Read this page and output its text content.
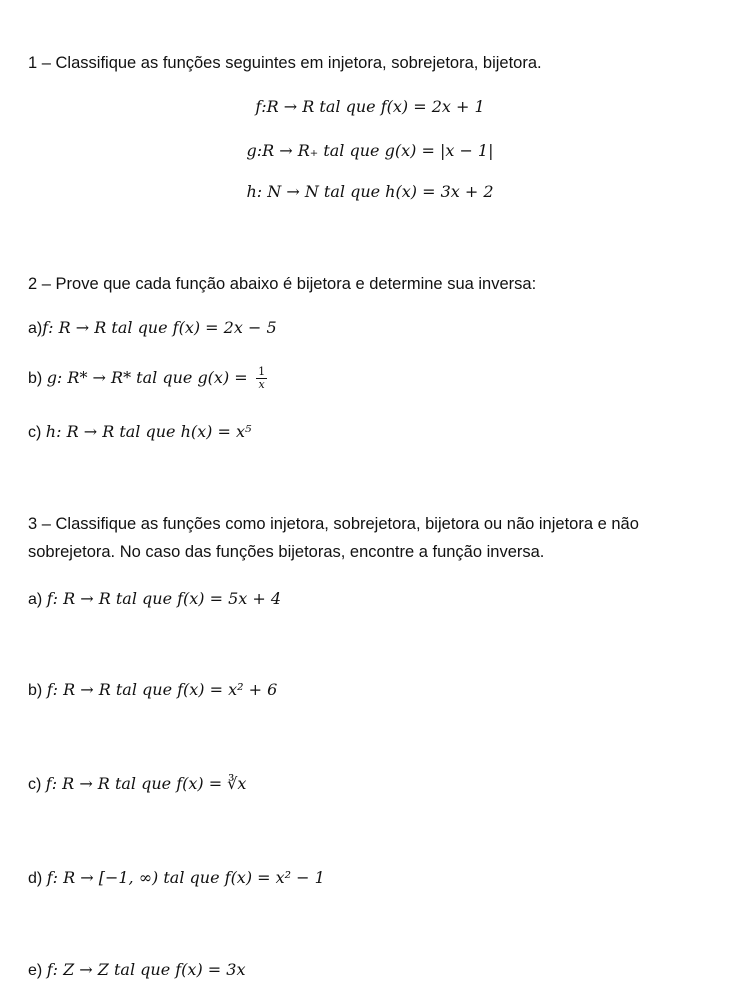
1 – Classifique as funções seguintes em injetora, sobrejetora, bijetora.
f:R → R tal que f(x) = 2x + 1
g:R → R₊ tal que g(x) = |x − 1|
h: N → N tal que h(x) = 3x + 2
2 – Prove que cada função abaixo é bijetora e determine sua inversa:
a)f: R → R tal que f(x) = 2x − 5
b) g: R* → R* tal que $g(x) = \frac{1}{x}$
c) h: R → R tal que h(x) = x⁵
3 – Classifique as funções como injetora, sobrejetora, bijetora ou não injetora e não sobrejetora. No caso das funções bijetoras, encontre a função inversa.
a) f: R → R tal que f(x) = 5x + 4
b) f: R → R tal que f(x) = x² + 6
c) f: R → R tal que f(x) = ∛x
d) f: R → [−1, ∞) tal que f(x) = x² − 1
e) f: Z → Z tal que f(x) = 3x
